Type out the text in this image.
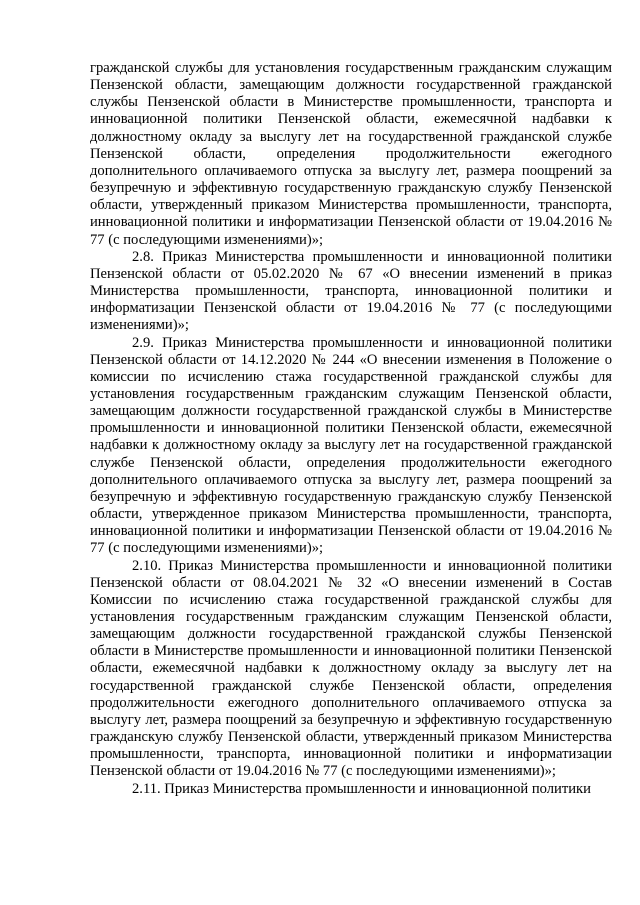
гражданской службы для установления государственным гражданским служащим Пензенской области, замещающим должности государственной гражданской службы Пензенской области в Министерстве промышленности, транспорта и инновационной политики Пензенской области, ежемесячной надбавки к должностному окладу за выслугу лет на государственной гражданской службе Пензенской области, определения продолжительности ежегодного дополнительного оплачиваемого отпуска за выслугу лет, размера поощрений за безупречную и эффективную государственную гражданскую службу Пензенской области, утвержденный приказом Министерства промышленности, транспорта, инновационной политики и информатизации Пензенской области от 19.04.2016 № 77 (с последующими изменениями)»;

2.8. Приказ Министерства промышленности и инновационной политики Пензенской области от 05.02.2020 № 67 «О внесении изменений в приказ Министерства промышленности, транспорта, инновационной политики и информатизации Пензенской области от 19.04.2016 № 77 (с последующими изменениями)»;

2.9. Приказ Министерства промышленности и инновационной политики Пензенской области от 14.12.2020 № 244 «О внесении изменения в Положение о комиссии по исчислению стажа государственной гражданской службы для установления государственным гражданским служащим Пензенской области, замещающим должности государственной гражданской службы в Министерстве промышленности и инновационной политики Пензенской области, ежемесячной надбавки к должностному окладу за выслугу лет на государственной гражданской службе Пензенской области, определения продолжительности ежегодного дополнительного оплачиваемого отпуска за выслугу лет, размера поощрений за безупречную и эффективную государственную гражданскую службу Пензенской области, утвержденное приказом Министерства промышленности, транспорта, инновационной политики и информатизации Пензенской области от 19.04.2016 № 77 (с последующими изменениями)»;

2.10. Приказ Министерства промышленности и инновационной политики Пензенской области от 08.04.2021 № 32 «О внесении изменений в Состав Комиссии по исчислению стажа государственной гражданской службы для установления государственным гражданским служащим Пензенской области, замещающим должности государственной гражданской службы Пензенской области в Министерстве промышленности и инновационной политики Пензенской области, ежемесячной надбавки к должностному окладу за выслугу лет на государственной гражданской службе Пензенской области, определения продолжительности ежегодного дополнительного оплачиваемого отпуска за выслугу лет, размера поощрений за безупречную и эффективную государственную гражданскую службу Пензенской области, утвержденный приказом Министерства промышленности, транспорта, инновационной политики и информатизации Пензенской области от 19.04.2016 № 77 (с последующими изменениями)»;

2.11. Приказ Министерства промышленности и инновационной политики
